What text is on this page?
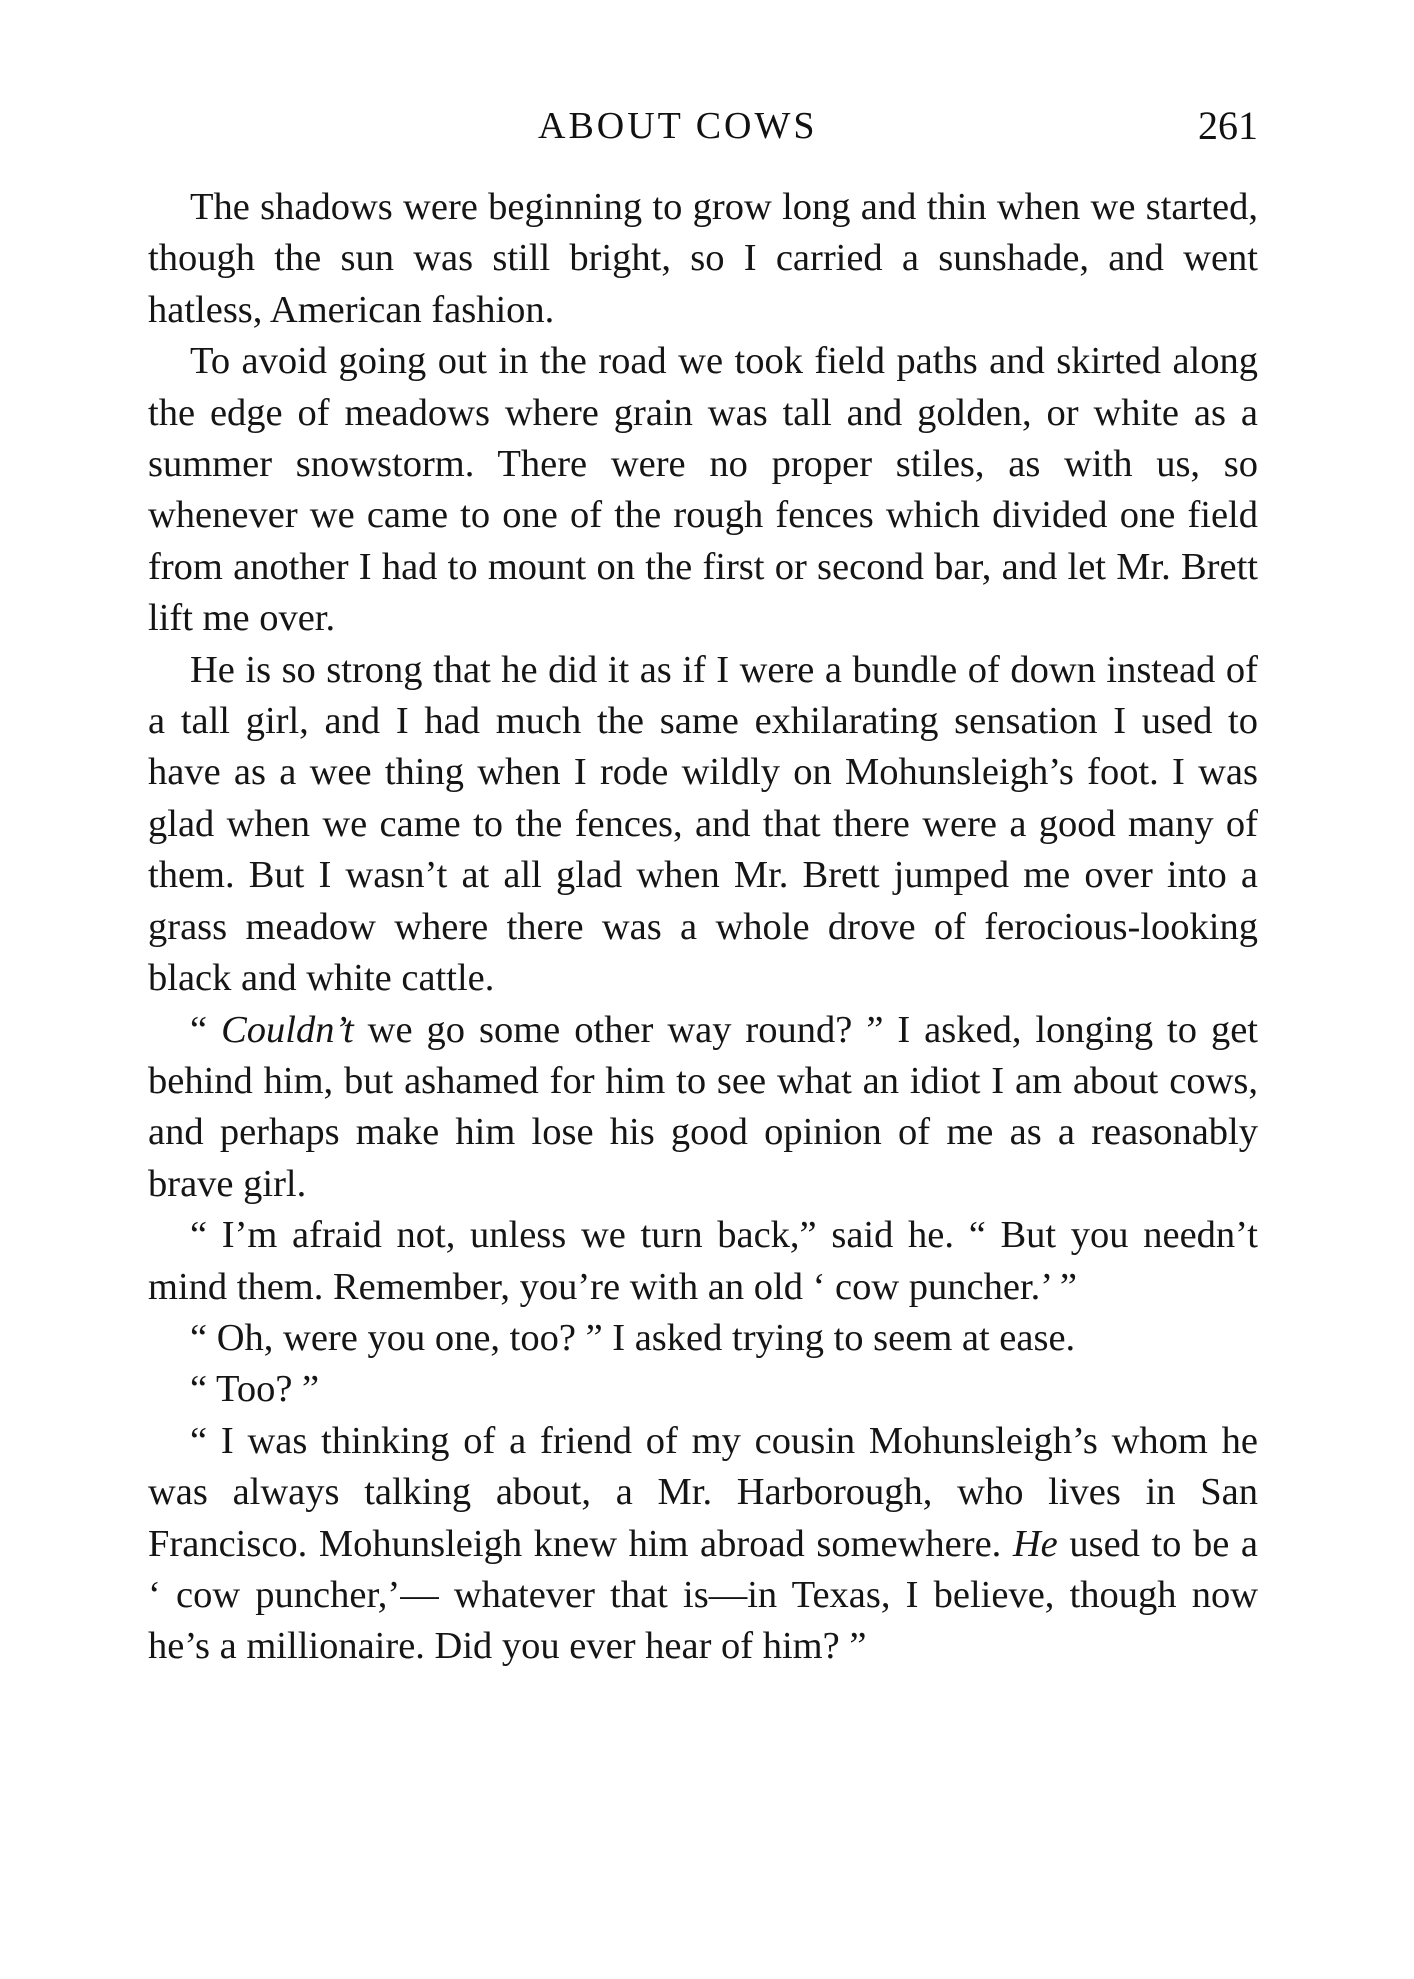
ABOUT COWS	261

The shadows were beginning to grow long and thin when we started, though the sun was still bright, so I carried a sunshade, and went hatless, American fashion.

To avoid going out in the road we took field paths and skirted along the edge of meadows where grain was tall and golden, or white as a summer snowstorm. There were no proper stiles, as with us, so whenever we came to one of the rough fences which divided one field from another I had to mount on the first or second bar, and let Mr. Brett lift me over.

He is so strong that he did it as if I were a bundle of down instead of a tall girl, and I had much the same exhilarating sensation I used to have as a wee thing when I rode wildly on Mohunsleigh’s foot. I was glad when we came to the fences, and that there were a good many of them. But I wasn’t at all glad when Mr. Brett jumped me over into a grass meadow where there was a whole drove of ferocious-looking black and white cattle.

“ Couldn’t we go some other way round? ” I asked, longing to get behind him, but ashamed for him to see what an idiot I am about cows, and perhaps make him lose his good opinion of me as a reasonably brave girl.

“ I’m afraid not, unless we turn back,” said he. “ But you needn’t mind them. Remember, you’re with an old ‘ cow puncher.’ ”

“ Oh, were you one, too? ” I asked trying to seem at ease.

“ Too? ”

“ I was thinking of a friend of my cousin Mohunsleigh’s whom he was always talking about, a Mr. Harborough, who lives in San Francisco. Mohunsleigh knew him abroad somewhere. He used to be a ‘ cow puncher,’— whatever that is—in Texas, I believe, though now he’s a millionaire. Did you ever hear of him? ”
